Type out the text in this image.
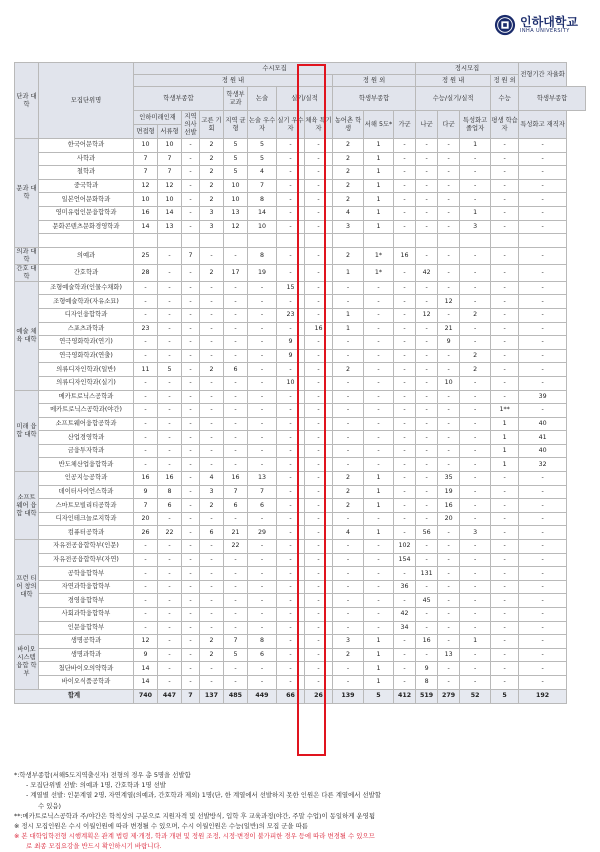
인하대학교
INHA UNIVERSITY
단과 대학	모집단위명	수시모집											정시모집				전형기간 자율화
		정 원 내								정 원 외			정 원 내			정 원 외	
		학생부종합				학생부 교과	논술	실기/실적		학생부종합			수능/실기/실적			수능	학생부종합
		인하미래인재		지역 의사 선발	고른 기회	지역 균형	논술 우수자	실기 우수자	체육 특기자	농어촌 학생	서해 5도*	가군	나군	다군	특성화고 졸업자	평생 학습자	특성화고 재직자
		면접형	서류형														
문과 대학	한국어문학과	10	10	-	2	5	5	-	-	2	1	-	-	-	1	-	-
	사학과	7	7	-	2	5	5	-	-	2	1	-	-	-	-	-	-
	철학과	7	7	-	2	5	4	-	-	2	1	-	-	-	-	-	-
	중국학과	12	12	-	2	10	7	-	-	2	1	-	-	-	-	-	-
	일본언어문화학과	10	10	-	2	10	8	-	-	2	1	-	-	-	-	-	-
	영미유럽인문융합학과	16	14	-	3	13	14	-	-	4	1	-	-	-	1	-	-
	문화콘텐츠문화경영학과	14	13	-	3	12	10	-	-	3	1	-	-	-	3	-	-

의과 대학	의예과	25	-	7	-	-	8	-	-	2	1*	16	-	-	-	-	-
간호 대학	간호학과	28	-	-	2	17	19	-	-	1	1*	-	42	-	-	-	-
예술 체육 대학	조형예술학과(인물수채화)	-	-	-	-	-	-	15	-	-	-	-	-	-	-	-	-
	조형예술학과(자유소묘)	-	-	-	-	-	-	-	-	-	-	-	-	12	-	-	-
	디자인융합학과	-	-	-	-	-	-	23	-	1	-	-	12	-	2	-	-
	스포츠과학과	23	-	-	-	-	-	-	16	1	-	-	-	21	-	-	-
	연극영화학과(연기)	-	-	-	-	-	-	9	-	-	-	-	-	9	-	-	-
	연극영화학과(연출)	-	-	-	-	-	-	9	-	-	-	-	-	-	2	-	-
	의류디자인학과(일반)	11	5	-	2	6	-	-	-	2	-	-	-	-	2	-	-
	의류디자인학과(실기)	-	-	-	-	-	-	10	-	-	-	-	-	10	-	-	-
미래 융합 대학	메카트로닉스공학과	-	-	-	-	-	-	-	-	-	-	-	-	-	-	-	39
	메카트로닉스공학과(야간)	-	-	-	-	-	-	-	-	-	-	-	-	-	-	1**	-
	소프트웨어융합공학과	-	-	-	-	-	-	-	-	-	-	-	-	-	-	1	40
	산업경영학과	-	-	-	-	-	-	-	-	-	-	-	-	-	-	1	41
	금융투자학과	-	-	-	-	-	-	-	-	-	-	-	-	-	-	1	40
	반도체산업융합학과	-	-	-	-	-	-	-	-	-	-	-	-	-	-	1	32
소프트 웨어 융합 대학	인공지능공학과	16	16	-	4	16	13	-	-	2	1	-	-	35	-	-	-
	데이터사이언스학과	9	8	-	3	7	7	-	-	2	1	-	-	19	-	-	-
	스마트모빌리티공학과	7	6	-	2	6	6	-	-	2	1	-	-	16	-	-	-
	디자인테크놀로지학과	20	-	-	-	-	-	-	-	-	-	-	-	20	-	-	-
	컴퓨터공학과	26	22	-	6	21	29	-	-	4	1	-	56	-	3	-	-
프런 티어 창의 대학	자유전공융합학부(인문)	-	-	-	-	22	-	-	-	-	-	102	-	-	-	-	-
	자유전공융합학부(자연)	-	-	-	-	-	-	-	-	-	-	154	-	-	-	-	-
	공학융합학부	-	-	-	-	-	-	-	-	-	-	-	131	-	-	-	-
	자연과학융합학부	-	-	-	-	-	-	-	-	-	-	36	-	-	-	-	-
	경영융합학부	-	-	-	-	-	-	-	-	-	-	-	45	-	-	-	-
	사회과학융합학부	-	-	-	-	-	-	-	-	-	-	42	-	-	-	-	-
	인문융합학부	-	-	-	-	-	-	-	-	-	-	34	-	-	-	-	-
바이오 시스템 융합 학부	생명공학과	12	-	-	2	7	8	-	-	3	1	-	16	-	1	-	-
	생명과학과	9	-	-	2	5	6	-	-	2	1	-	-	13	-	-	-
	첨단바이오의약학과	14	-	-	-	-	-	-	-	-	1	-	9	-	-	-	-
	바이오식품공학과	14	-	-	-	-	-	-	-	-	1	-	8	-	-	-	-
합계		740	447	7	137	485	449	66	26	139	5	412	519	279	52	5	192
*:학생부종합(서해5도지역출신자) 전형의 경우 총 5명을 선발함
- 모집단위별 선발: 의예과 1명, 간호학과 1명 선발
- 계열별 선발: 인문계열 2명, 자연계열(의예과, 간호학과 제외) 1명(단, 한 계열에서 선발하지 못한 인원은 다른 계열에서 선발할
수 있음)
**:메카트로닉스공학과 주/야간은 학칙상의 구분으로 지원자격 및 선발방식, 입학 후 교육과정(야간, 주말 수업)이 동일하게 운영됨
※ 정시 모집인원은 수시 이월인원에 따라 변경될 수 있으며, 수시 이월인원은 수능(일반)의 모집 군을 따름
※ 본 대학입학전형 시행계획은 관계 법령 제·개정, 학과 개편 및 정원 조정, 시정·변경이 불가피한 경우 등에 따라 변경될 수 있으므
로 최종 모집요강을 반드시 확인하시기 바랍니다.
